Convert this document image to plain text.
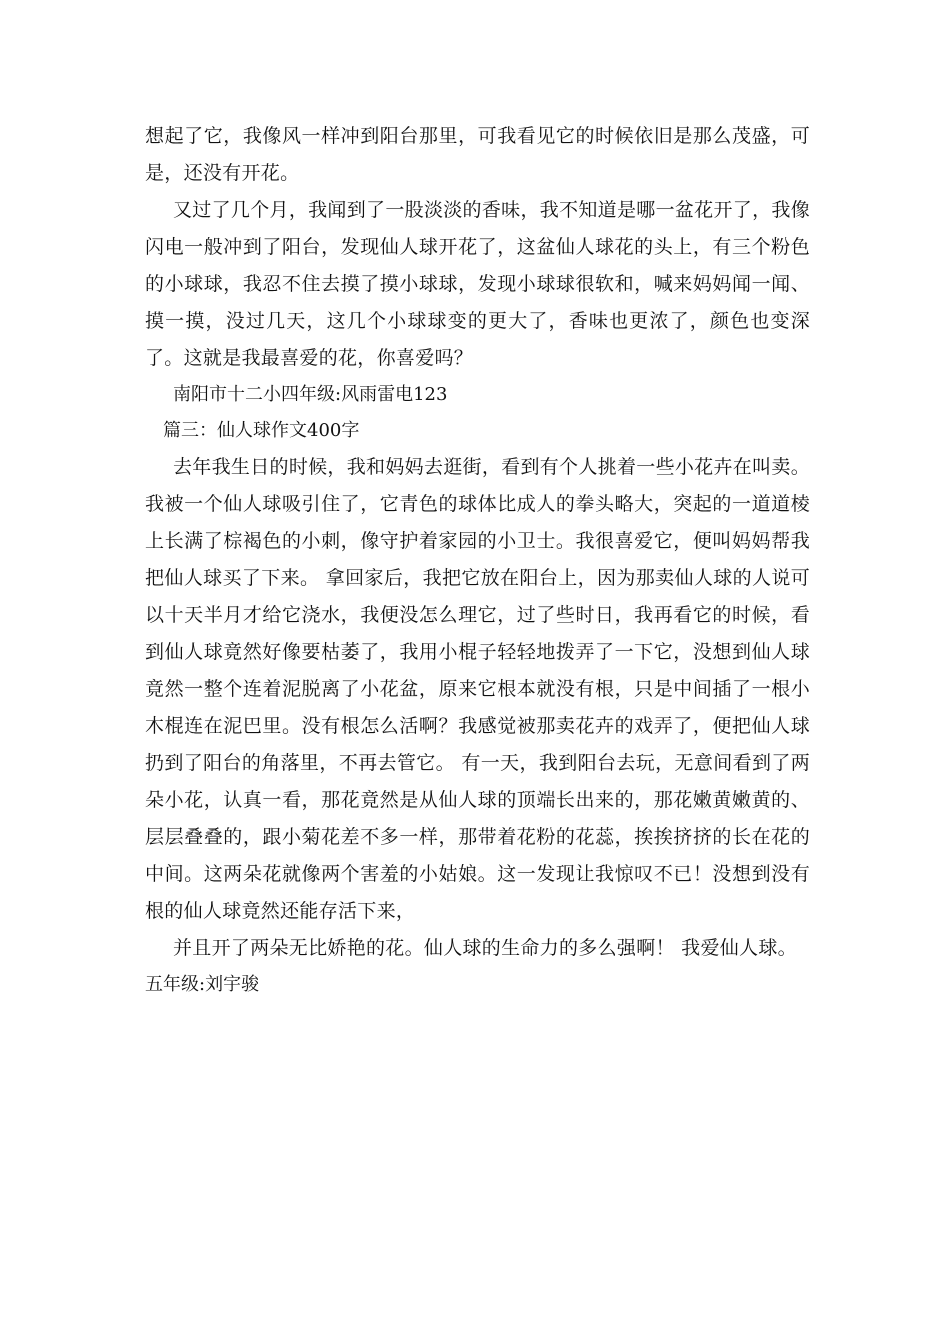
想起了它，我像风一样冲到阳台那里，可我看见它的时候依旧是那么茂盛，可是，还没有开花。

又过了几个月，我闻到了一股淡淡的香味，我不知道是哪一盆花开了，我像闪电一般冲到了阳台，发现仙人球开花了，这盆仙人球花的头上，有三个粉色的小球球，我忍不住去摸了摸小球球，发现小球球很软和，喊来妈妈闻一闻、摸一摸，没过几天，这几个小球球变的更大了，香味也更浓了，颜色也变深了。这就是我最喜爱的花，你喜爱吗？

南阳市十二小四年级:风雨雷电123

篇三：仙人球作文400字

去年我生日的时候，我和妈妈去逛街，看到有个人挑着一些小花卉在叫卖。我被一个仙人球吸引住了，它青色的球体比成人的拳头略大，突起的一道道棱上长满了棕褐色的小刺，像守护着家园的小卫士。我很喜爱它，便叫妈妈帮我把仙人球买了下来。 拿回家后，我把它放在阳台上，因为那卖仙人球的人说可以十天半月才给它浇水，我便没怎么理它，过了些时日，我再看它的时候，看到仙人球竟然好像要枯萎了，我用小棍子轻轻地拨弄了一下它，没想到仙人球竟然一整个连着泥脱离了小花盆，原来它根本就没有根，只是中间插了一根小木棍连在泥巴里。没有根怎么活啊？我感觉被那卖花卉的戏弄了，便把仙人球扔到了阳台的角落里，不再去管它。 有一天，我到阳台去玩，无意间看到了两朵小花，认真一看，那花竟然是从仙人球的顶端长出来的，那花嫩黄嫩黄的、层层叠叠的，跟小菊花差不多一样，那带着花粉的花蕊，挨挨挤挤的长在花的中间。这两朵花就像两个害羞的小姑娘。这一发现让我惊叹不已！没想到没有根的仙人球竟然还能存活下来，

并且开了两朵无比娇艳的花。仙人球的生命力的多么强啊！ 我爱仙人球。

五年级:刘宇骏
